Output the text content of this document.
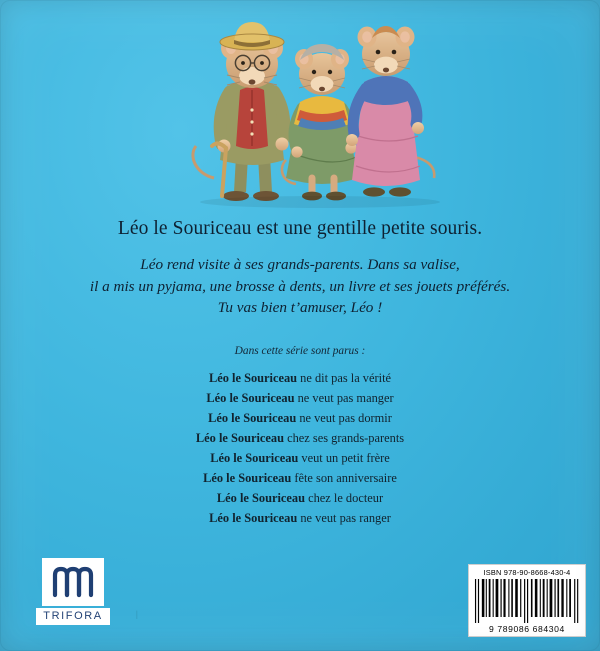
Léo le Souriceau est une gentille petite souris.

Léo rend visite à ses grands-parents. Dans sa valise,
il a mis un pyjama, une brosse à dents, un livre et ses jouets préférés.
Tu vas bien t’amuser, Léo !
Dans cette série sont parus :
Léo le Souriceau ne dit pas la vérité
Léo le Souriceau ne veut pas manger
Léo le Souriceau ne veut pas dormir
Léo le Souriceau chez ses grands-parents
Léo le Souriceau veut un petit frère
Léo le Souriceau fête son anniversaire
Léo le Souriceau chez le docteur
Léo le Souriceau ne veut pas ranger
TRIFORA	|
ISBN 978-90-8668-430-4
9 789086 684304
